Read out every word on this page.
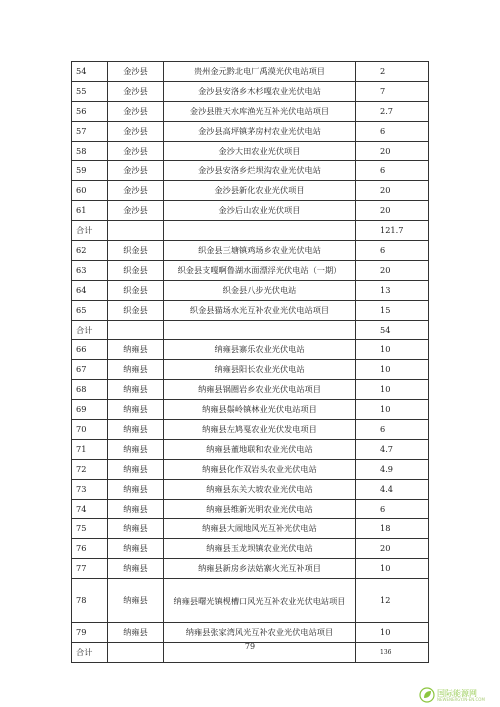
54	金沙县	贵州金元黔北电厂禹漠光伏电站项目	2
55	金沙县	金沙县安洛乡木杉嘎农业光伏电站	7
56	金沙县	金沙县胜天水库渔光互补光伏电站项目	2.7
57	金沙县	金沙县高坪镇茅房村农业光伏电站	6
58	金沙县	金沙大田农业光伏项目	20
59	金沙县	金沙县安洛乡烂坝沟农业光伏电站	6
60	金沙县	金沙县新化农业光伏项目	20
61	金沙县	金沙后山农业光伏项目	20
合计			121.7
62	织金县	织金县三塘镇鸡场乡农业光伏电站	6
63	织金县	织金县支嘎啊鲁湖水面漂浮光伏电站（一期）	20
64	织金县	织金县八步光伏电站	13
65	织金县	织金县猫场水光互补农业光伏电站项目	15
合计			54
66	纳雍县	纳雍县寨乐农业光伏电站	10
67	纳雍县	纳雍县阳长农业光伏电站	10
68	纳雍县	纳雍县锅圈岩乡农业光伏电站项目	10
69	纳雍县	纳雍县鬃岭镇林业光伏电站项目	10
70	纳雍县	纳雍县左鸠戛农业光伏发电项目	6
71	纳雍县	纳雍县董地联和农业光伏电站	4.7
72	纳雍县	纳雍县化作双岩头农业光伏电站	4.9
73	纳雍县	纳雍县东关大坡农业光伏电站	4.4
74	纳雍县	纳雍县维新光明农业光伏电站	6
75	纳雍县	纳雍县大闹地风光互补光伏电站	18
76	纳雍县	纳雍县玉龙坝镇农业光伏电站	20
77	纳雍县	纳雍县新房乡法姑寨火光互补项目	10
78	纳雍县	纳雍县曙光镇枧槽口风光互补农业光伏电站项目	12
79	纳雍县	纳雍县张家湾风光互补农业光伏电站项目	10
合计			136
79
国际能源网
NEWENERGY.IN-EN.COM
